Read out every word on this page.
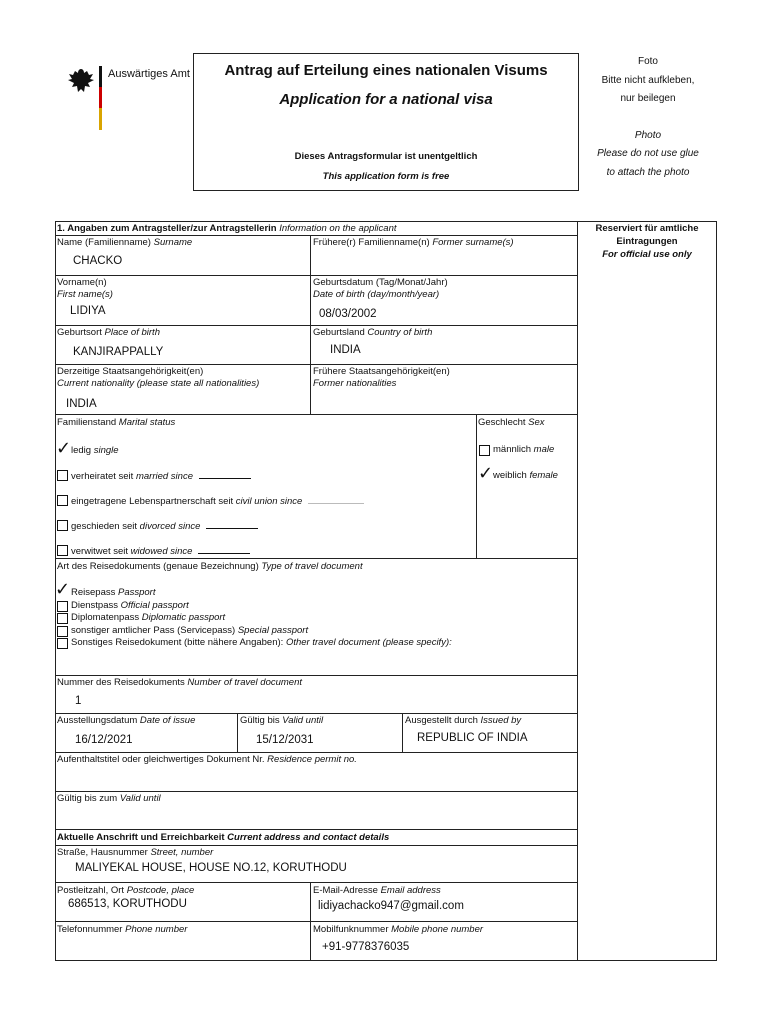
Auswärtiges Amt	Antrag auf Erteilung eines nationalen Visums
Application for a national visa
Dieses Antragsformular ist unentgeltlich
This application form is free
Foto
Bitte nicht aufkleben,
nur beilegen
Photo
Please do not use glue
to attach the photo
Reserviert für amtliche
Eintragungen
For official use only
1. Angaben zum Antragsteller/zur Antragstellerin Information on the applicant
Name (Familienname) Surname
CHACKO
Frühere(r) Familienname(n) Former surname(s)
Vorname(n)
First name(s)
LIDIYA
Geburtsdatum (Tag/Monat/Jahr)
Date of birth (day/month/year)
08/03/2002
Geburtsort Place of birth
KANJIRAPPALLY
Geburtsland Country of birth
INDIA
Derzeitige Staatsangehörigkeit(en)
Current nationality (please state all nationalities)
INDIA
Frühere Staatsangehörigkeit(en)
Former nationalities
Familienstand Marital status
✓ ledig single
verheiratet seit married since
eingetragene Lebenspartnerschaft seit civil union since
geschieden seit divorced since
verwitwet seit widowed since
Geschlecht Sex
männlich male
✓ weiblich female
Art des Reisedokuments (genaue Bezeichnung) Type of travel document
✓ Reisepass Passport
Dienstpass Official passport
Diplomatenpass Diplomatic passport
sonstiger amtlicher Pass (Servicepass) Special passport
Sonstiges Reisedokument (bitte nähere Angaben): Other travel document (please specify):
Nummer des Reisedokuments Number of travel document
1
Ausstellungsdatum Date of issue
16/12/2021
Gültig bis Valid until
15/12/2031
Ausgestellt durch Issued by
REPUBLIC OF INDIA
Aufenthaltstitel oder gleichwertiges Dokument Nr. Residence permit no.
Gültig bis zum Valid until
Aktuelle Anschrift und Erreichbarkeit Current address and contact details
Straße, Hausnummer Street, number
MALIYEKAL HOUSE, HOUSE NO.12, KORUTHODU
Postleitzahl, Ort Postcode, place
686513, KORUTHODU
E-Mail-Adresse Email address
lidiyachacko947@gmail.com
Telefonnummer Phone number	Mobilfunknummer Mobile phone number
+91-9778376035
